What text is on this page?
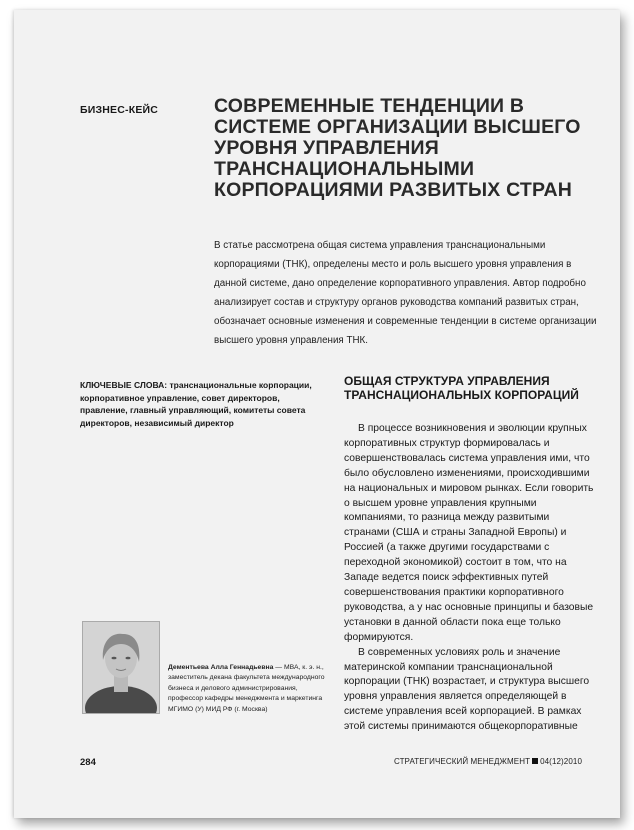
БИЗНЕС-КЕЙС	СОВРЕМЕННЫЕ ТЕНДЕНЦИИ В СИСТЕМЕ ОРГАНИЗАЦИИ ВЫСШЕГО УРОВНЯ УПРАВЛЕНИЯ ТРАНСНАЦИОНАЛЬНЫМИ КОРПОРАЦИЯМИ РАЗВИТЫХ СТРАН
В статье рассмотрена общая система управления транснациональными корпорациями (ТНК), определены место и роль высшего уровня управления в данной системе, дано определение корпоративного управления. Автор подробно анализирует состав и структуру органов руководства компаний развитых стран, обозначает основные изменения и современные тенденции в системе организации высшего уровня управления ТНК.
КЛЮЧЕВЫЕ СЛОВА: транснациональные корпорации, корпоративное управление, совет директоров, правление, главный управляющий, комитеты совета директоров, независимый директор
ОБЩАЯ СТРУКТУРА УПРАВЛЕНИЯ ТРАНСНАЦИОНАЛЬНЫХ КОРПОРАЦИЙ

В процессе возникновения и эволюции крупных корпоративных структур формировалась и совершенствовалась система управления ими, что было обусловлено изменениями, происходившими на национальных и мировом рынках. Если говорить о высшем уровне управления крупными компаниями, то разница между развитыми странами (США и страны Западной Европы) и Россией (а также другими государствами с переходной экономикой) состоит в том, что на Западе ведется поиск эффективных путей совершенствования практики корпоративного руководства, а у нас основные принципы и базовые установки в данной области пока еще только формируются.

В современных условиях роль и значение материнской компании транснациональной корпорации (ТНК) возрастает, и структура высшего уровня управления является определяющей в системе управления всей корпорацией. В рамках этой системы принимаются общекорпоративные

Дементьева Алла Геннадьевна — МВА, к. э. н., заместитель декана факультета международного бизнеса и делового администрирования, профессор кафедры менеджмента и маркетинга МГИМО (У) МИД РФ (г. Москва)
284	СТРАТЕГИЧЕСКИЙ МЕНЕДЖМЕНТ 04(12)2010
